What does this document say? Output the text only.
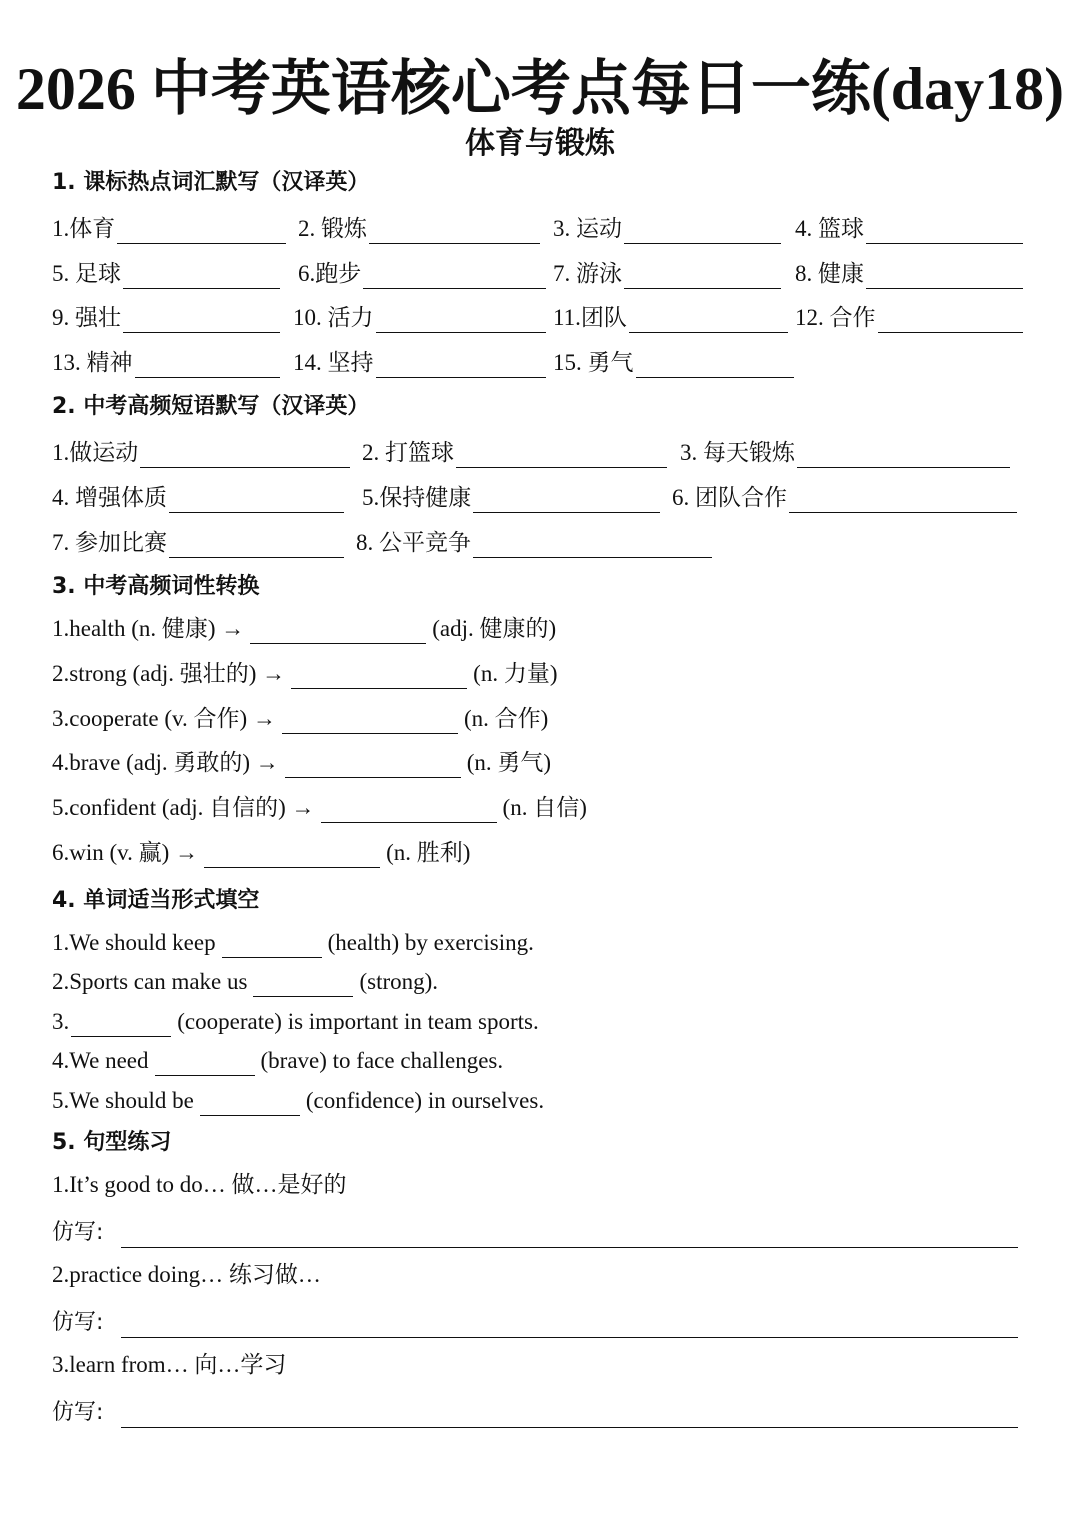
2026 中考英语核心考点每日一练(day18)
体育与锻炼
1. 课标热点词汇默写（汉译英）
1.体育	2. 锻炼	3. 运动	4. 篮球
5. 足球	6.跑步	7. 游泳	8. 健康
9. 强壮	10. 活力	11.团队	12. 合作
13. 精神	14. 坚持	15. 勇气
2. 中考高频短语默写（汉译英）
1.做运动	2. 打篮球	3. 每天锻炼
4. 增强体质	5.保持健康	6. 团队合作
7. 参加比赛	8. 公平竞争
3. 中考高频词性转换
1.health (n. 健康) →	(adj. 健康的)
2.strong (adj. 强壮的) →	(n. 力量)
3.cooperate (v. 合作) →	(n. 合作)
4.brave (adj. 勇敢的) →	(n. 勇气)
5.confident (adj. 自信的) →	(n. 自信)
6.win (v. 赢) →	(n. 胜利)
4. 单词适当形式填空
1.We should keep	(health) by exercising.
2.Sports can make us	(strong).
3.	(cooperate) is important in team sports.
4.We need	(brave) to face challenges.
5.We should be	(confidence) in ourselves.
5. 句型练习
1.It’s good to do… 做…是好的
仿写:
2.practice doing… 练习做…
仿写:
3.learn from… 向…学习
仿写:
